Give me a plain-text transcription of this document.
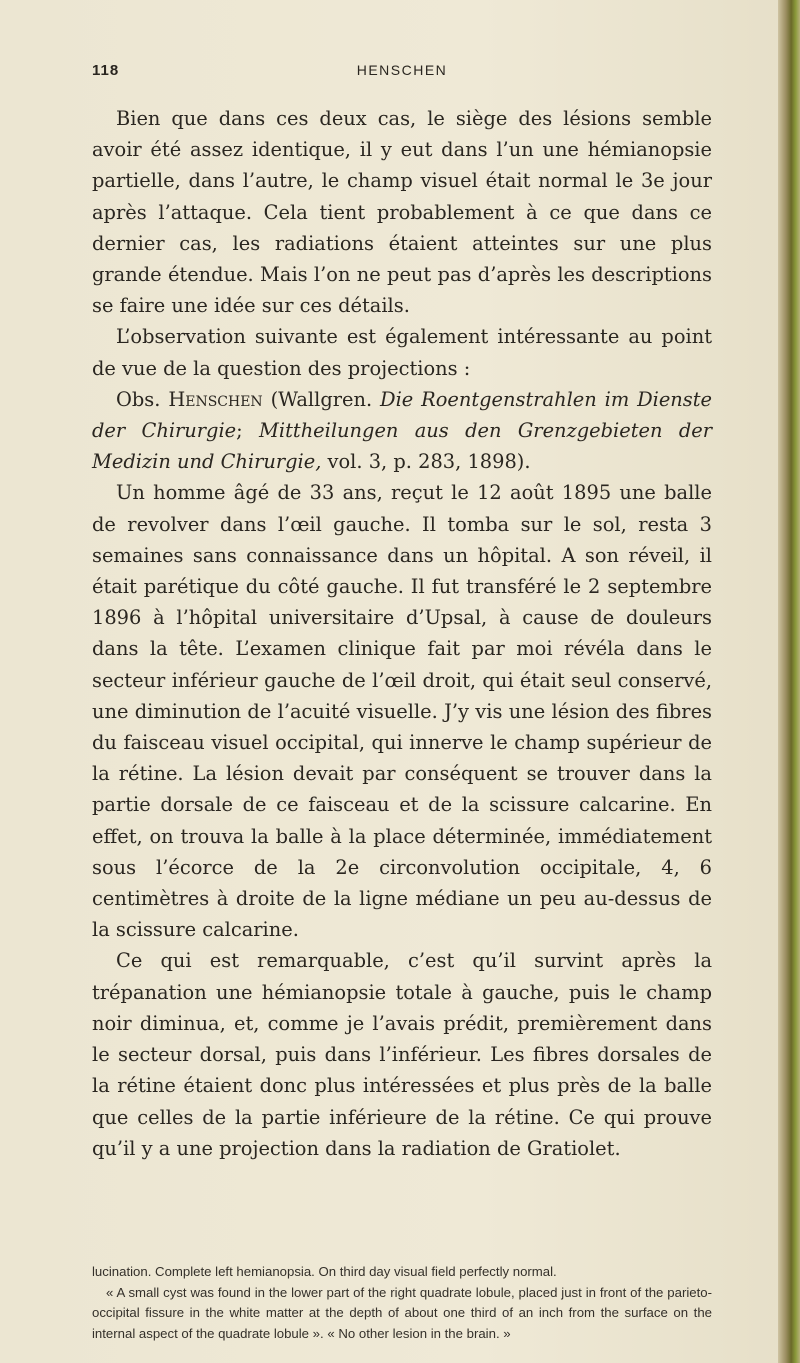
118	HENSCHEN

Bien que dans ces deux cas, le siège des lésions semble avoir été assez identique, il y eut dans l’un une hémianopsie partielle, dans l’autre, le champ visuel était normal le 3e jour après l’attaque. Cela tient probablement à ce que dans ce dernier cas, les radiations étaient atteintes sur une plus grande étendue. Mais l’on ne peut pas d’après les descriptions se faire une idée sur ces détails.

L’observation suivante est également intéressante au point de vue de la question des projections :

Obs. Henschen (Wallgren. Die Roentgenstrahlen im Dienste der Chirurgie; Mittheilungen aus den Grenzgebieten der Medizin und Chirurgie, vol. 3, p. 283, 1898).

Un homme âgé de 33 ans, reçut le 12 août 1895 une balle de revolver dans l’œil gauche. Il tomba sur le sol, resta 3 semaines sans connaissance dans un hôpital. A son réveil, il était parétique du côté gauche. Il fut transféré le 2 septembre 1896 à l’hôpital universitaire d’Upsal, à cause de douleurs dans la tête. L’examen clinique fait par moi révéla dans le secteur inférieur gauche de l’œil droit, qui était seul conservé, une diminution de l’acuité visuelle. J’y vis une lésion des fibres du faisceau visuel occipital, qui innerve le champ supérieur de la rétine. La lésion devait par conséquent se trouver dans la partie dorsale de ce faisceau et de la scissure calcarine. En effet, on trouva la balle à la place déterminée, immédiatement sous l’écorce de la 2e circonvolution occipitale, 4, 6 centimètres à droite de la ligne médiane un peu au-dessus de la scissure calcarine.

Ce qui est remarquable, c’est qu’il survint après la trépanation une hémianopsie totale à gauche, puis le champ noir diminua, et, comme je l’avais prédit, premièrement dans le secteur dorsal, puis dans l’inférieur. Les fibres dorsales de la rétine étaient donc plus intéressées et plus près de la balle que celles de la partie inférieure de la rétine. Ce qui prouve qu’il y a une projection dans la radiation de Gratiolet.

lucination. Complete left hemianopsia. On third day visual field perfectly normal.

« A small cyst was found in the lower part of the right quadrate lobule, placed just in front of the parieto-occipital fissure in the white matter at the depth of about one third of an inch from the surface on the internal aspect of the quadrate lobule ». « No other lesion in the brain. »
